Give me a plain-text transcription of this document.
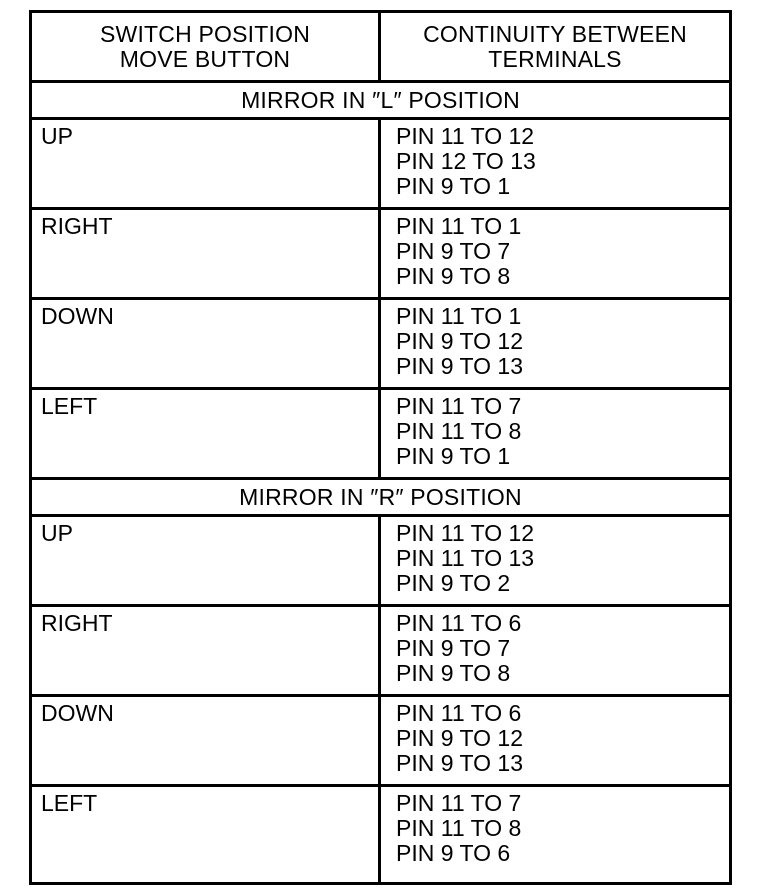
SWITCH POSITION
MOVE BUTTON
CONTINUITY BETWEEN
TERMINALS
MIRROR IN ″L″ POSITION
UP	PIN 11 TO 12
PIN 12 TO 13
PIN 9 TO 1
RIGHT	PIN 11 TO 1
PIN 9 TO 7
PIN 9 TO 8
DOWN	PIN 11 TO 1
PIN 9 TO 12
PIN 9 TO 13
LEFT	PIN 11 TO 7
PIN 11 TO 8
PIN 9 TO 1
MIRROR IN ″R″ POSITION
UP	PIN 11 TO 12
PIN 11 TO 13
PIN 9 TO 2
RIGHT	PIN 11 TO 6
PIN 9 TO 7
PIN 9 TO 8
DOWN	PIN 11 TO 6
PIN 9 TO 12
PIN 9 TO 13
LEFT	PIN 11 TO 7
PIN 11 TO 8
PIN 9 TO 6
